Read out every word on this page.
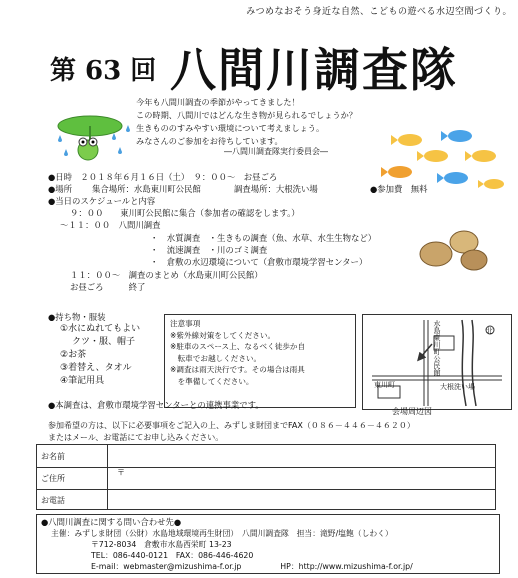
みつめなおそう身近な自然、こどもの遊べる水辺空間づくり。
第 63 回 八間川調査隊
今年も八間川調査の季節がやってきました！
この時期、八間川ではどんな生き物が見られるでしょうか？
生きもののすみやすい環境について考えましょう。
みなさんのご参加をお待ちしています。
―八間川調査隊実行委員会―
●日時　２０１８年６月１６日（土）　９：００～　お昼ごろ
●場所 集合場所：水島東川町公民館	調査場所：大根洗い場	●参加費　無料
●当日のスケジュールと内容
９：００　　東川町公民館に集合（参加者の確認をします。）
～１１：００　八間川調査
・　水質調査　・生きもの調査（魚、水草、水生生物など）
・　流速調査　・川のゴミ調査
・　倉敷の水辺環境について（倉敷市環境学習センター）
１１：００～　調査のまとめ（水島東川町公民館）
お昼ごろ　　　終了
●持ち物・服装
①水にぬれてもよい
クツ・服、帽子
②お茶
③着替え、タオル
④筆記用具
注意事項
※紫外線対策をしてください。
※駐車のスペース上、なるべく徒歩か自
　転車でお越しください。
※調査は雨天決行です。その場合は雨具
　を準備してください。
水島東川町公民館
東川町
北
大根洗い場
会場周辺図
●本調査は、倉敷市環境学習センターとの連携事業です。
参加希望の方は、以下に必要事項をご記入の上、みずしま財団までFAX（０８６－４４６－４６２０）
またはメール、お電話にてお申し込みください。
お名前
ご住所
〒
お電話
●八間川調査に関する問い合わせ先●
主催：みずしま財団（公財）水島地域環境再生財団）　八間川調査隊　担当：滝野/塩飽（しわく）
〒712-8034　倉敷市水島西栄町 13-23
TEL：086-440-0121　FAX：086-446-4620
E-mail：webmaster@mizushima-f.or.jp　　　　　HP：http://www.mizushima-f.or.jp/
